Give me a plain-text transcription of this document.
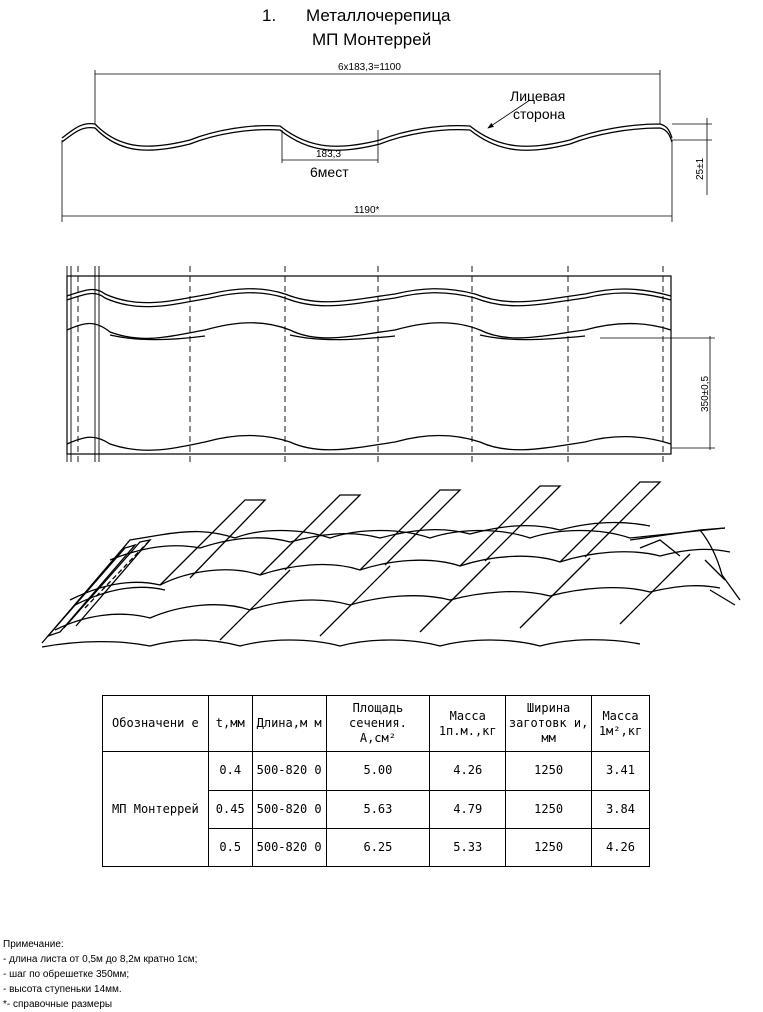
1. Металлочерепица
МП Монтеррей
6x183,3=1100
Лицевая
сторона
183,3
6мест
1190*
25±1
350±0,5
Обозначени е	t,мм	Длина,м м	Площадь сечения. А,см²	Масса 1п.м.,кг	Ширина заготовк и, мм	Масса 1м²,кг
МП Монтеррей	0.4	500-820 0	5.00	4.26	1250	3.41
	0.45	500-820 0	5.63	4.79	1250	3.84
	0.5	500-820 0	6.25	5.33	1250	4.26
Примечание:
- длина листа от 0,5м до 8,2м кратно 1см;
- шаг по обрешетке 350мм;
- высота ступеньки 14мм.
*- справочные размеры
